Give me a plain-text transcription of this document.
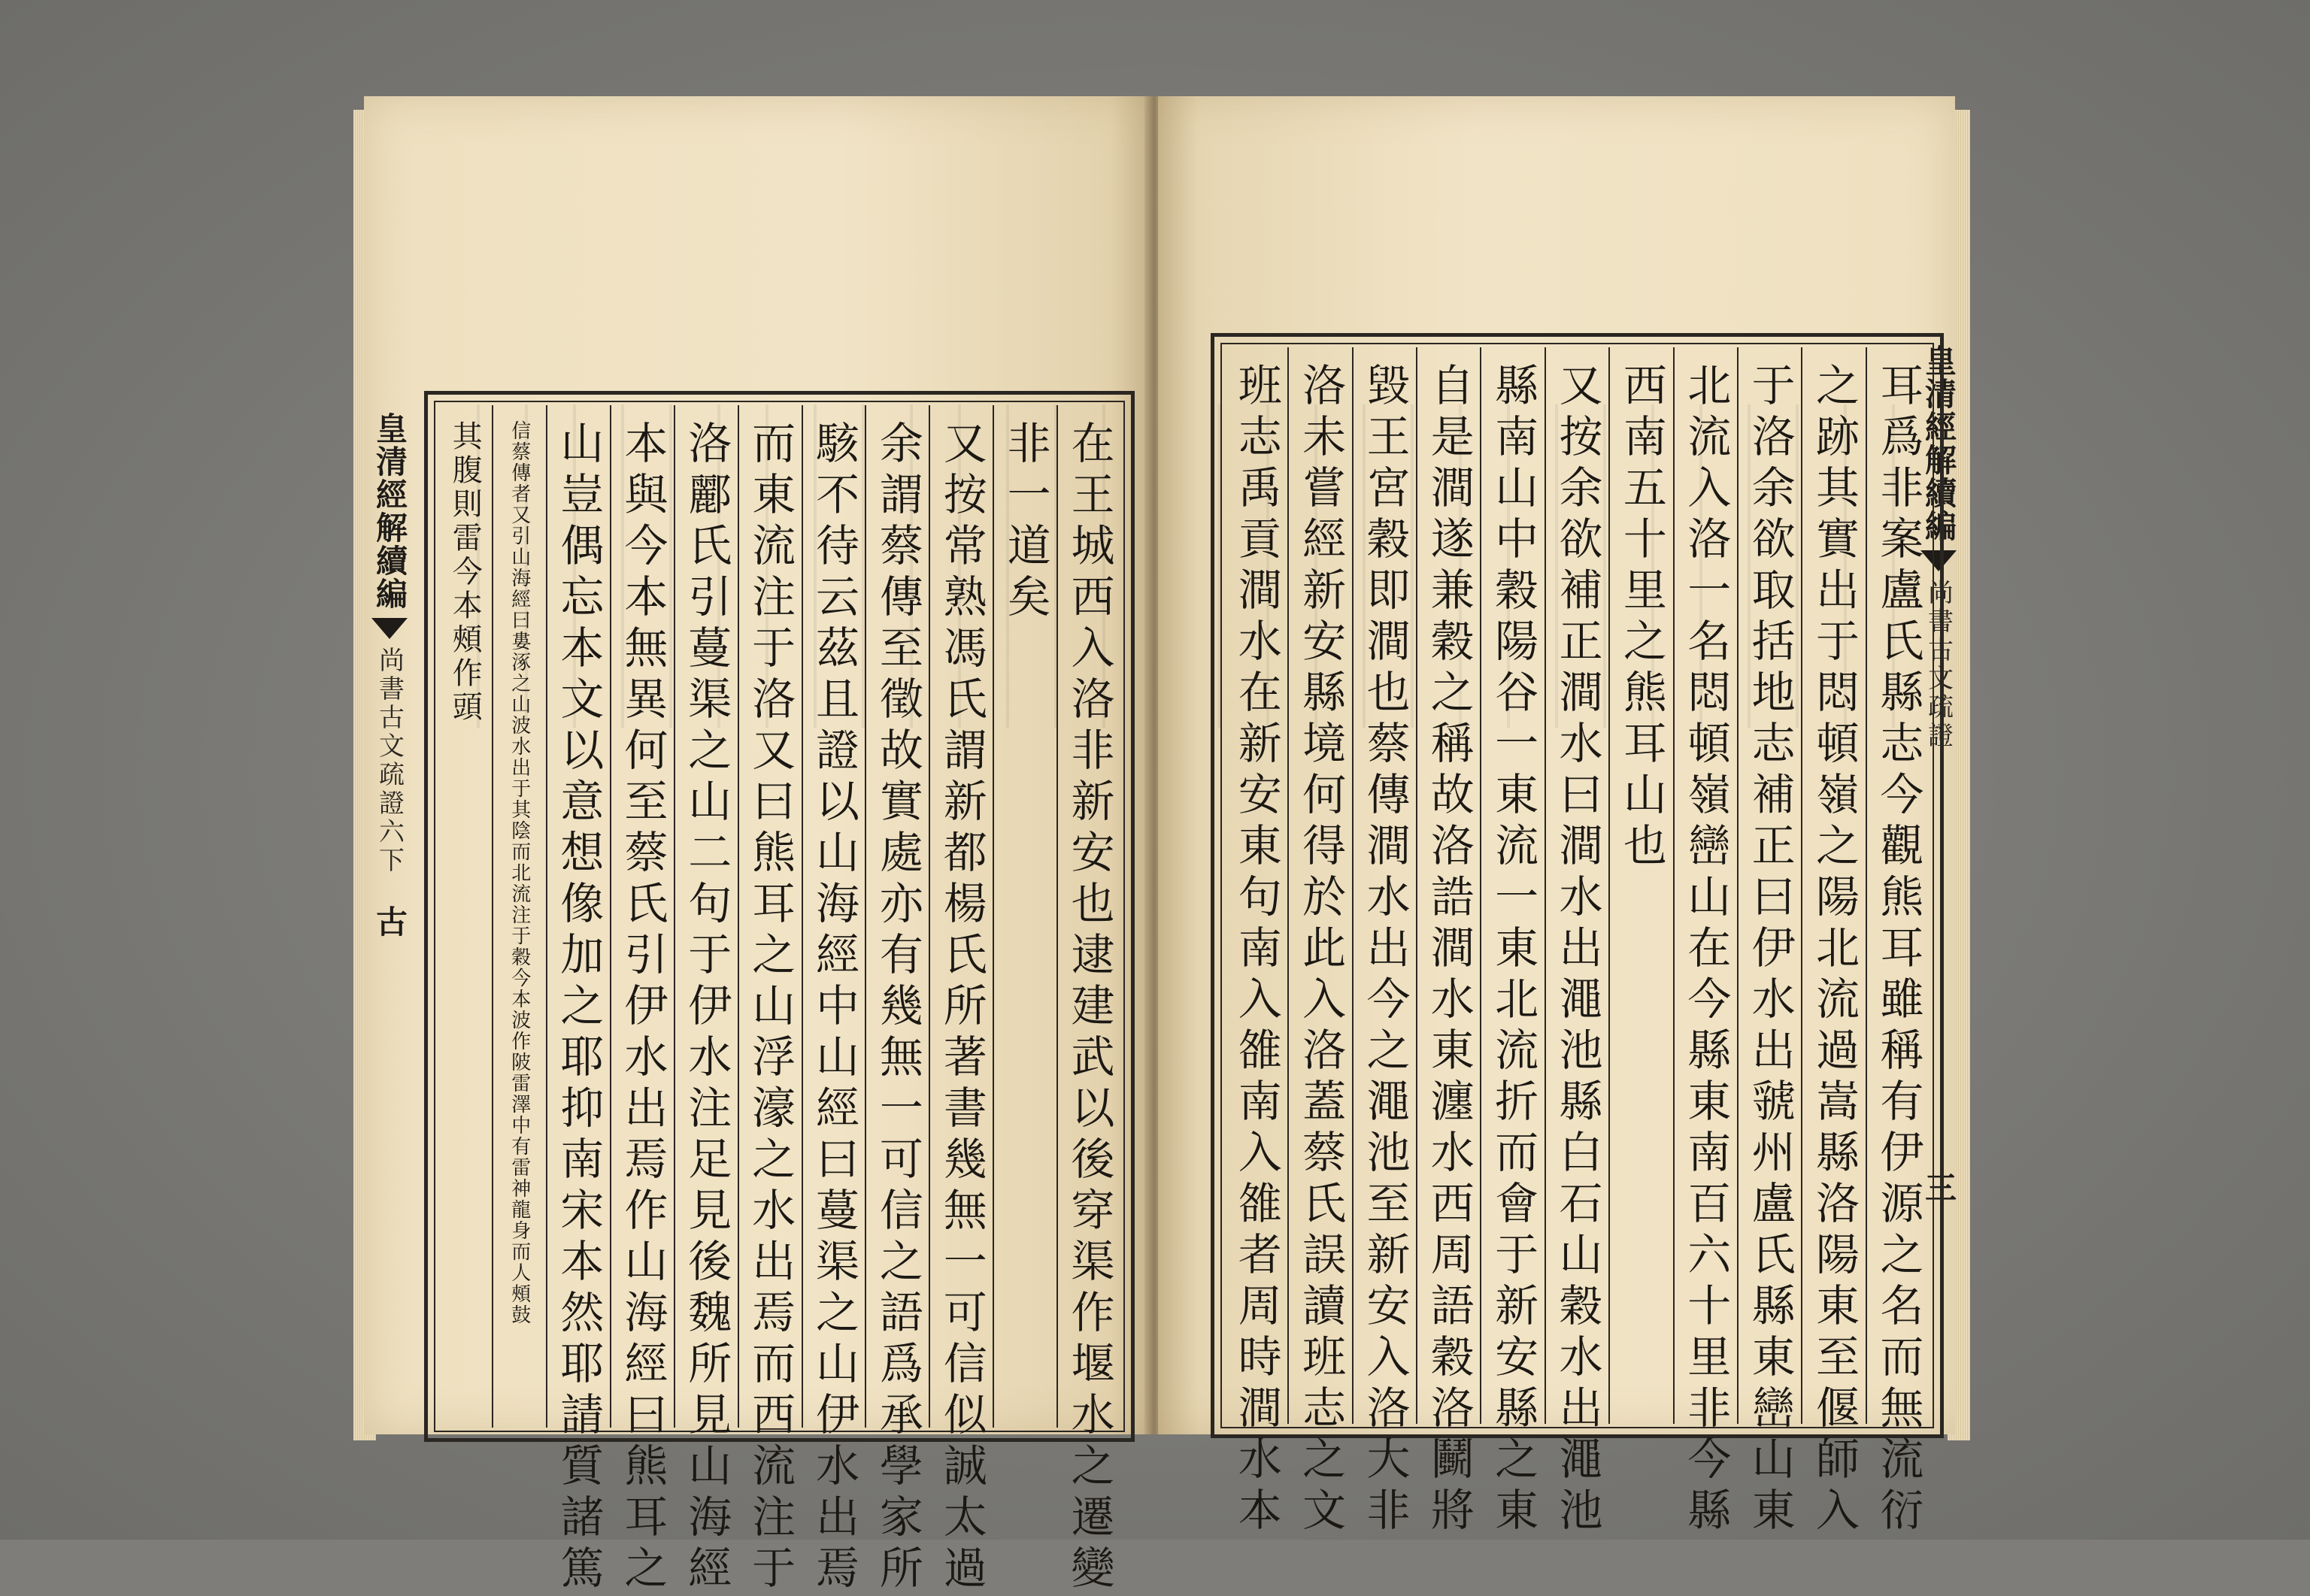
皇清經解續編
尚書古文疏證六下
古	在王城西入洛非新安也逮建武以後穿渠作堰水之遷變
非一道矣
又按常熟馮氏謂新都楊氏所著書幾無一可信似誠太過
余謂蔡傳至徵故實處亦有幾無一可信之語爲承學家所
駭不待云茲且證以山海經中山經曰蔓渠之山伊水出焉
而東流注于洛又曰熊耳之山浮濠之水出焉而西流注于
洛酈氏引蔓渠之山二句于伊水注足見後魏所見山海經
本與今本無異何至蔡氏引伊水出焉作山海經曰熊耳之
山豈偶忘本文以意想像加之耶抑南宋本然耶請質諸篤
信蔡傳者又引山海經曰婁涿之山波水出于其陰而北流注于穀今本波作陂雷澤中有雷神龍身而人頰鼓
其腹則雷今本頰作頭	皇清經解續編
尚書古文疏證
三
耳爲非案盧氏縣志今觀熊耳雖稱有伊源之名而無流衍
之跡其實出于悶頓嶺之陽北流過嵩縣洛陽東至偃師入
于洛余欲取括地志補正曰伊水出虢州盧氏縣東巒山東
北流入洛一名悶頓嶺巒山在今縣東南百六十里非今縣
西南五十里之熊耳山也
又按余欲補正澗水曰澗水出澠池縣白石山穀水出澠池
縣南山中穀陽谷一東流一東北流折而會于新安縣之東
自是澗遂兼穀之稱故洛誥澗水東瀍水西周語穀洛鬭將
毀王宮穀即澗也蔡傳澗水出今之澠池至新安入洛大非
洛未嘗經新安縣境何得於此入洛蓋蔡氏誤讀班志之文
班志禹貢澗水在新安東句南入雒南入雒者周時澗水本
